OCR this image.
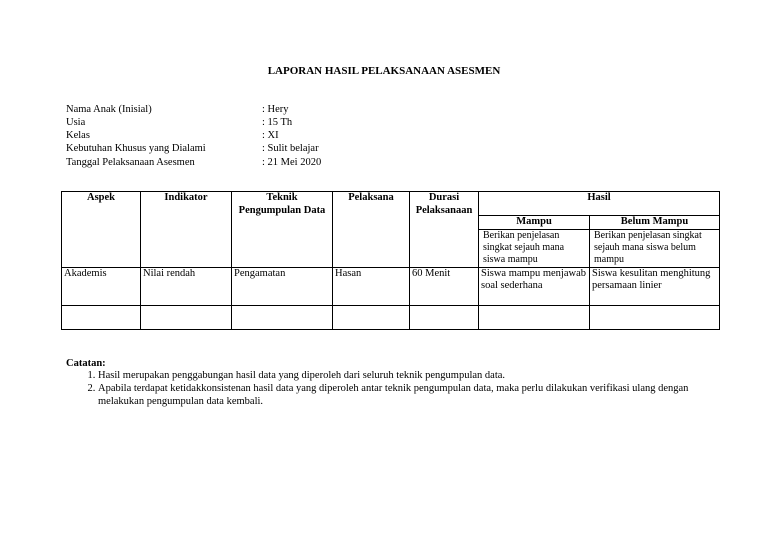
LAPORAN HASIL PELAKSANAAN ASESMEN
Nama Anak (Inisial)	: Hery
Usia	: 15 Th
Kelas	: XI
Kebutuhan Khusus yang Dialami	: Sulit belajar
Tanggal Pelaksanaan Asesmen	: 21 Mei 2020
Aspek	Indikator	Teknik Pengumpulan Data	Pelaksana	Durasi Pelaksanaan	Hasil	
					Mampu	Belum Mampu
					Berikan penjelasan singkat sejauh mana siswa mampu	Berikan penjelasan singkat sejauh mana siswa belum mampu
Akademis	Nilai rendah	Pengamatan	Hasan	60 Menit	Siswa mampu menjawab soal sederhana	Siswa kesulitan menghitung persamaan linier

Catatan:
1. Hasil merupakan penggabungan hasil data yang diperoleh dari seluruh teknik pengumpulan data.
2. Apabila terdapat ketidakkonsistenan hasil data yang diperoleh antar teknik pengumpulan data, maka perlu dilakukan verifikasi ulang dengan melakukan pengumpulan data kembali.
